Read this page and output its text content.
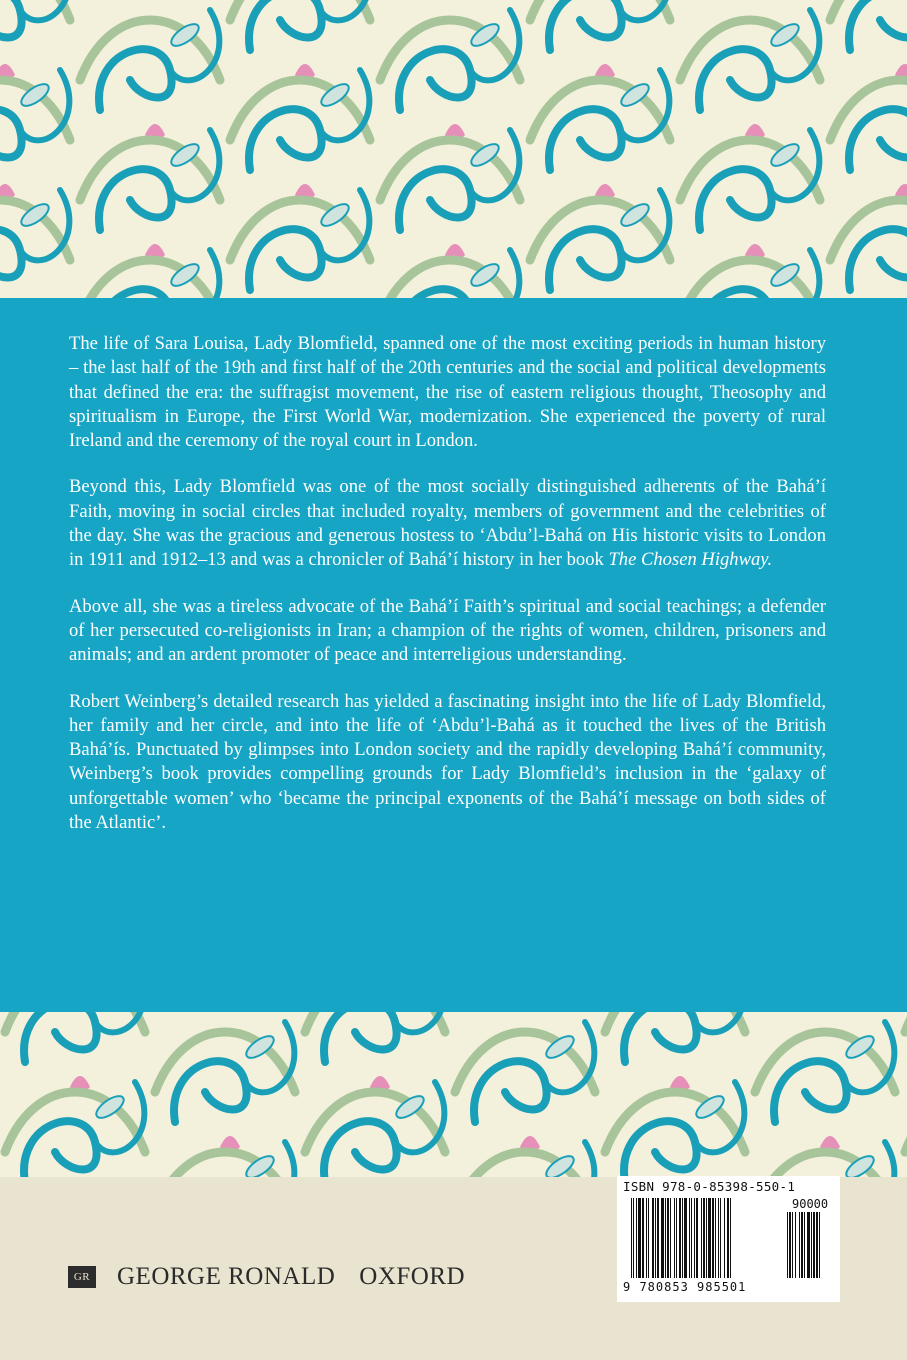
The life of Sara Louisa, Lady Blomfield, spanned one of the most exciting periods in human history – the last half of the 19th and first half of the 20th centuries and the social and political developments that defined the era: the suffragist movement, the rise of eastern religious thought, Theosophy and spiritualism in Europe, the First World War, modernization. She experienced the poverty of rural Ireland and the ceremony of the royal court in London.

Beyond this, Lady Blomfield was one of the most socially distinguished adherents of the Bahá’í Faith, moving in social circles that included royalty, members of government and the celebrities of the day. She was the gracious and generous hostess to ‘Abdu’l-Bahá on His historic visits to London in 1911 and 1912–13 and was a chronicler of Bahá’í history in her book The Chosen Highway.

Above all, she was a tireless advocate of the Bahá’í Faith’s spiritual and social teachings; a defender of her persecuted co-religionists in Iran; a champion of the rights of women, children, prisoners and animals; and an ardent promoter of peace and interreligious understanding.

Robert Weinberg’s detailed research has yielded a fascinating insight into the life of Lady Blomfield, her family and her circle, and into the life of ‘Abdu’l-Bahá as it touched the lives of the British Bahá’ís. Punctuated by glimpses into London society and the rapidly developing Bahá’í community, Weinberg’s book provides compelling grounds for Lady Blomfield’s inclusion in the ‘galaxy of unforgettable women’ who ‘became the principal exponents of the Bahá’í message on both sides of the Atlantic’.

GR GEORGE RONALD OXFORD
ISBN 978-0-85398-550-1
90000
9 780853 985501
